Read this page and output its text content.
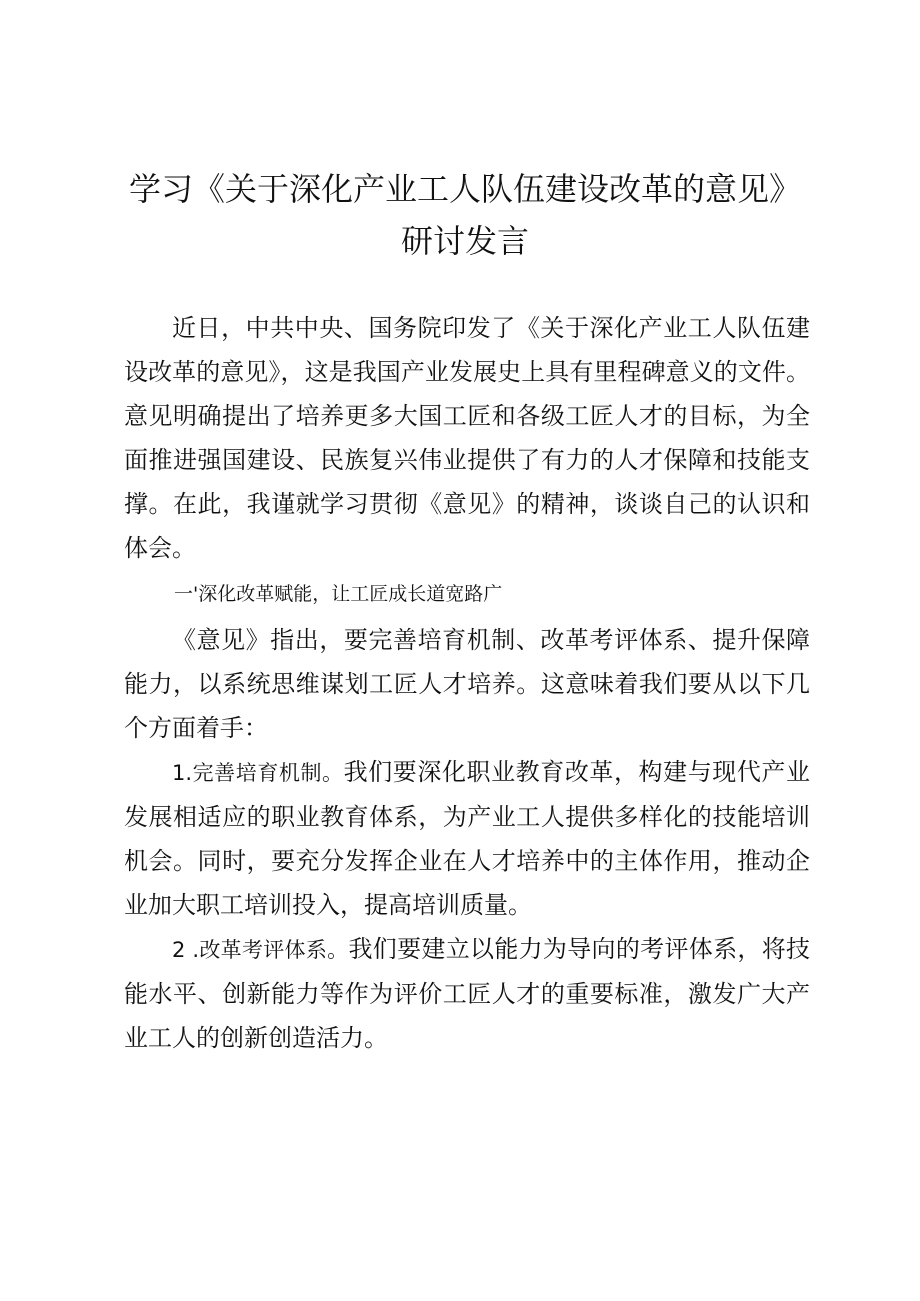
学习《关于深化产业工人队伍建设改革的意见》研讨发言

近日，中共中央、国务院印发了《关于深化产业工人队伍建设改革的意见》，这是我国产业发展史上具有里程碑意义的文件。意见明确提出了培养更多大国工匠和各级工匠人才的目标，为全面推进强国建设、民族复兴伟业提供了有力的人才保障和技能支撑。在此，我谨就学习贯彻《意见》的精神，谈谈自己的认识和体会。

一'深化改革赋能，让工匠成长道宽路广

《意见》指出，要完善培育机制、改革考评体系、提升保障能力，以系统思维谋划工匠人才培养。这意味着我们要从以下几个方面着手：

1.完善培育机制。我们要深化职业教育改革，构建与现代产业发展相适应的职业教育体系，为产业工人提供多样化的技能培训机会。同时，要充分发挥企业在人才培养中的主体作用，推动企业加大职工培训投入，提高培训质量。

2 .改革考评体系。我们要建立以能力为导向的考评体系，将技能水平、创新能力等作为评价工匠人才的重要标准，激发广大产业工人的创新创造活力。
